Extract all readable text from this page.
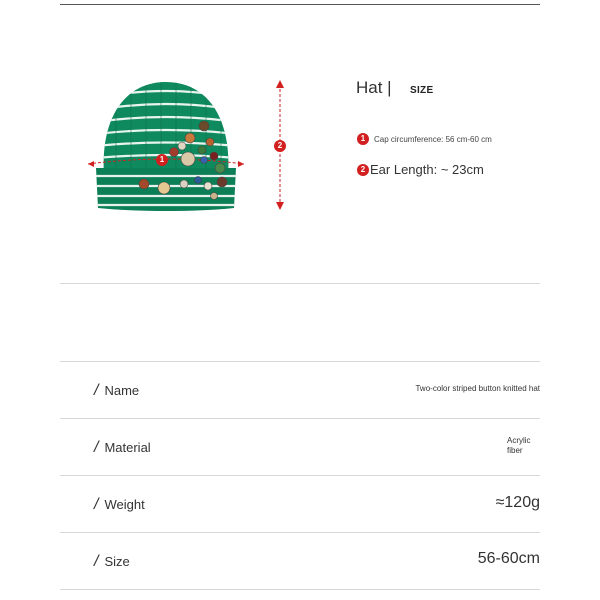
1
2
Hat | SIZE
1	Cap circumference: 56 cm-60 cm
2 Ear Length: ~ 23cm
/ Name	Two-color striped button knitted hat
/ Material	Acrylic
fiber
/ Weight	≈120g
/ Size	56-60cm
